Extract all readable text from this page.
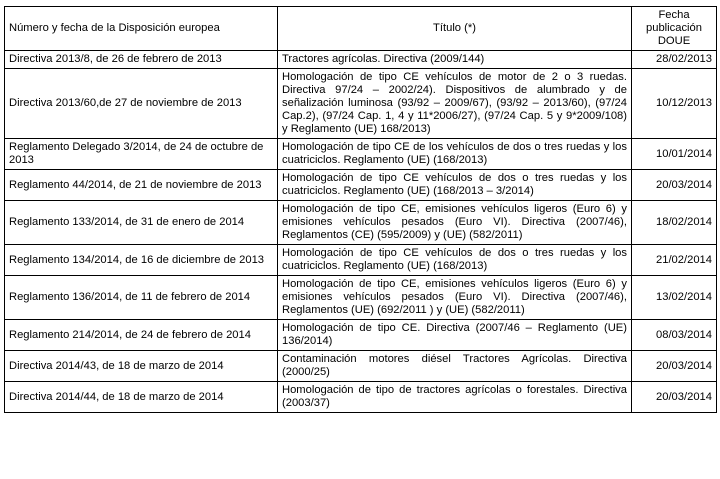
Número y fecha de la Disposición europea	Título (*)	Fecha
publicación
DOUE
Directiva 2013/8, de 26 de febrero de 2013	Tractores agrícolas. Directiva (2009/144)	28/02/2013
Directiva 2013/60,de 27 de noviembre de 2013	Homologación de tipo CE vehículos de motor de 2 o 3 ruedas. Directiva 97/24 – 2002/24). Dispositivos de alumbrado y de señalización luminosa (93/92 – 2009/67), (93/92 – 2013/60), (97/24 Cap.2), (97/24 Cap. 1, 4 y 11*2006/27), (97/24 Cap. 5 y 9*2009/108) y Reglamento (UE) 168/2013)	10/12/2013
Reglamento Delegado 3/2014, de 24 de octubre de 2013	Homologación de tipo CE de los vehículos de dos o tres ruedas y los cuatriciclos. Reglamento (UE) (168/2013)	10/01/2014
Reglamento 44/2014, de 21 de noviembre de 2013	Homologación de tipo CE vehículos de dos o tres ruedas y los cuatriciclos. Reglamento (UE) (168/2013 – 3/2014)	20/03/2014
Reglamento 133/2014, de 31 de enero de 2014	Homologación de tipo CE, emisiones vehículos ligeros (Euro 6) y emisiones vehículos pesados (Euro VI). Directiva (2007/46), Reglamentos (CE) (595/2009) y (UE) (582/2011)	18/02/2014
Reglamento 134/2014, de 16 de diciembre de 2013	Homologación de tipo CE vehículos de dos o tres ruedas y los cuatriciclos. Reglamento (UE) (168/2013)	21/02/2014
Reglamento 136/2014, de 11 de febrero de 2014	Homologación de tipo CE, emisiones vehículos ligeros (Euro 6) y emisiones vehículos pesados (Euro VI). Directiva (2007/46), Reglamentos (UE) (692/2011 ) y (UE) (582/2011)	13/02/2014
Reglamento 214/2014, de 24 de febrero de 2014	Homologación de tipo CE. Directiva (2007/46 – Reglamento (UE) 136/2014)	08/03/2014
Directiva 2014/43, de 18 de marzo de 2014	Contaminación motores diésel Tractores Agrícolas. Directiva (2000/25)	20/03/2014
Directiva 2014/44, de 18 de marzo de 2014	Homologación de tipo de tractores agrícolas o forestales. Directiva (2003/37)	20/03/2014
